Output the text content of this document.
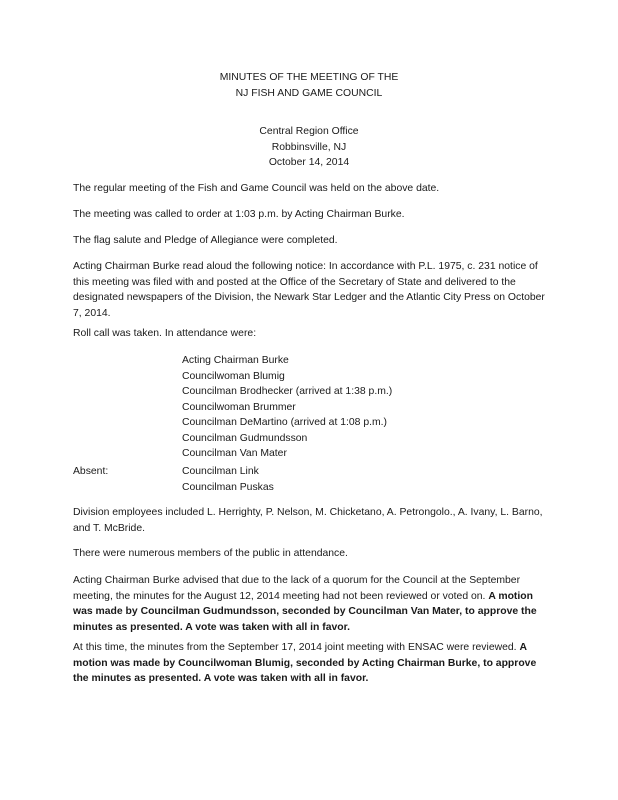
MINUTES OF THE MEETING OF THE
NJ FISH AND GAME COUNCIL
Central Region Office
Robbinsville, NJ
October 14, 2014

The regular meeting of the Fish and Game Council was held on the above date.

The meeting was called to order at 1:03 p.m. by Acting Chairman Burke.

The flag salute and Pledge of Allegiance were completed.

Acting Chairman Burke read aloud the following notice: In accordance with P.L. 1975, c. 231 notice of this meeting was filed with and posted at the Office of the Secretary of State and delivered to the designated newspapers of the Division, the Newark Star Ledger and the Atlantic City Press on October 7, 2014.

Roll call was taken. In attendance were:

Acting Chairman Burke
Councilwoman Blumig
Councilman Brodhecker (arrived at 1:38 p.m.)
Councilwoman Brummer
Councilman DeMartino (arrived at 1:08 p.m.)
Councilman Gudmundsson
Councilman Van Mater
Absent:	Councilman Link
Councilman Puskas

Division employees included L. Herrighty, P. Nelson, M. Chicketano, A. Petrongolo., A. Ivany, L. Barno, and T. McBride.

There were numerous members of the public in attendance.

Acting Chairman Burke advised that due to the lack of a quorum for the Council at the September meeting, the minutes for the August 12, 2014 meeting had not been reviewed or voted on. A motion was made by Councilman Gudmundsson, seconded by Councilman Van Mater, to approve the minutes as presented. A vote was taken with all in favor.

At this time, the minutes from the September 17, 2014 joint meeting with ENSAC were reviewed. A motion was made by Councilwoman Blumig, seconded by Acting Chairman Burke, to approve the minutes as presented. A vote was taken with all in favor.
